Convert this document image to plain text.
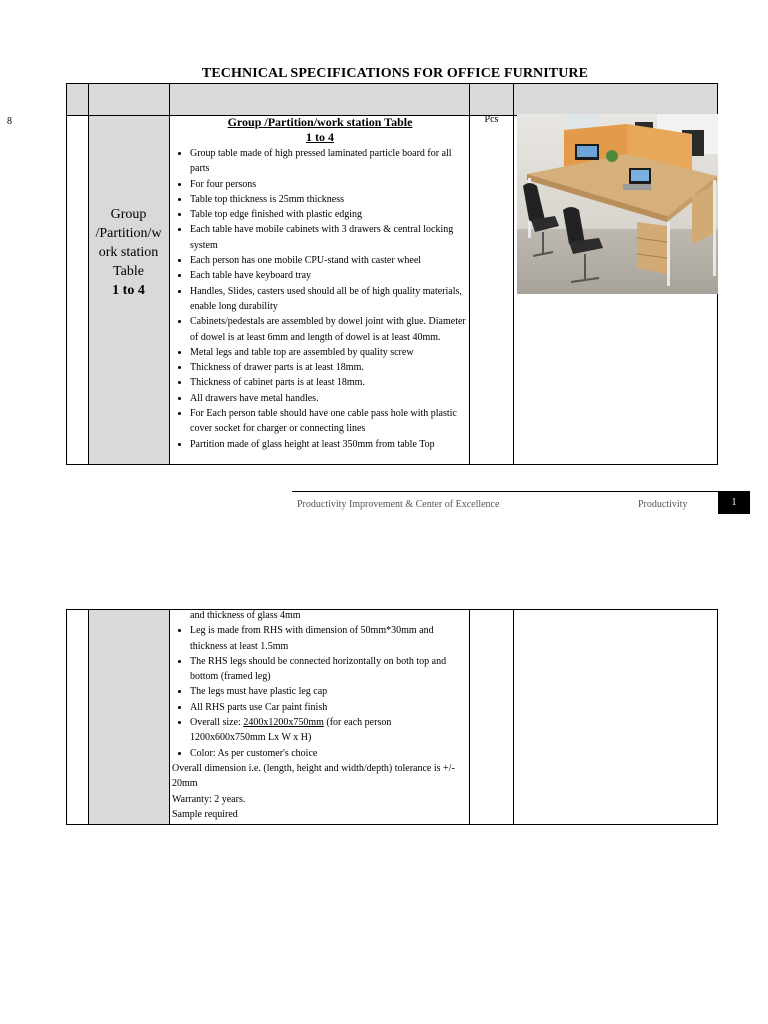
TECHNICAL SPECIFICATIONS FOR OFFICE FURNITURE
8
Group
/Partition/w
ork station
Table
1 to 4
Pcs
Group /Partition/work station Table
1 to 4
• Group table made of high pressed laminated particle board for all parts
• For four persons
• Table top thickness is 25mm thickness
• Table top edge finished with plastic edging
• Each table have mobile cabinets with 3 drawers & central locking system
• Each person has one mobile CPU-stand with caster wheel
• Each table have keyboard tray
• Handles, Slides, casters used should all be of high quality materials, enable long durability
• Cabinets/pedestals are assembled by dowel joint with glue. Diameter of dowel is at least 6mm and length of dowel is at least 40mm.
• Metal legs and table top are assembled by quality screw
• Thickness of drawer parts is at least 18mm.
• Thickness of cabinet parts is at least 18mm.
• All drawers have metal handles.
• For Each person table should have one cable pass hole with plastic cover socket for charger or connecting lines
• Partition made of glass height at least 350mm from table Top
Productivity Improvement & Center of Excellence	Productivity	1
and thickness of glass 4mm
• Leg is made from RHS with dimension of 50mm*30mm and thickness at least 1.5mm
• The RHS legs should be connected horizontally on both top and bottom (framed leg)
• The legs must have plastic leg cap
• All RHS parts use Car paint finish
• Overall size: 2400x1200x750mm (for each person 1200x600x750mm Lx W x H)
• Color: As per customer's choice

Overall dimension i.e. (length, height and width/depth) tolerance is +/- 20mm

Warranty: 2 years.

Sample required
